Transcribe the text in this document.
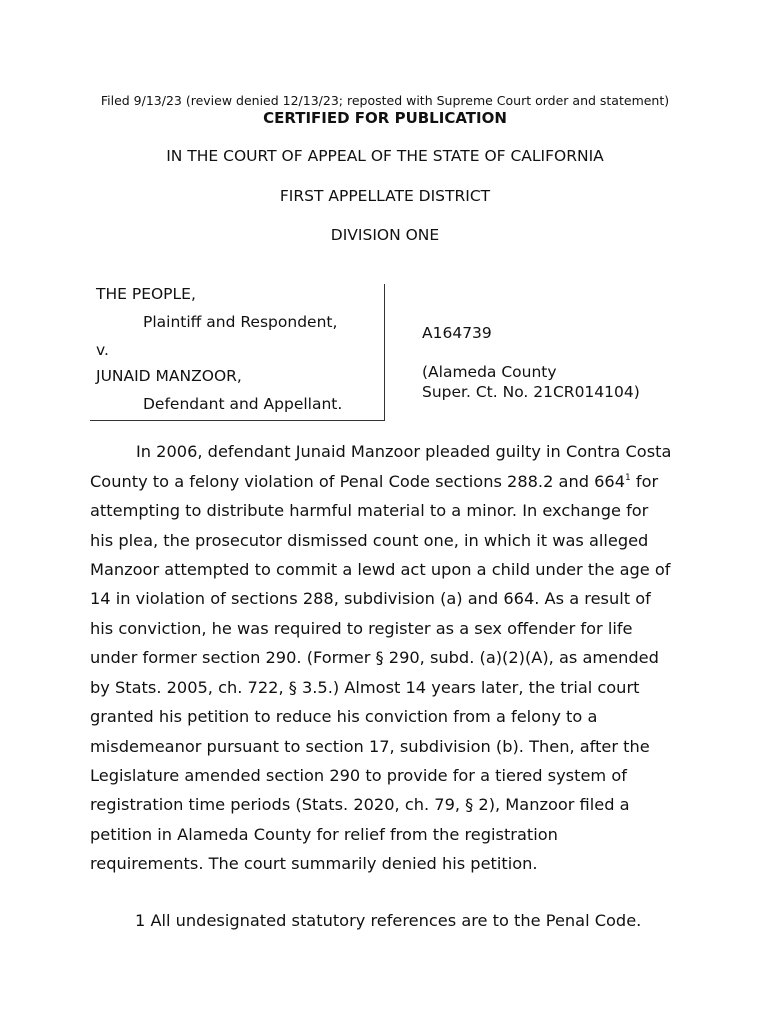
Filed 9/13/23 (review denied 12/13/23; reposted with Supreme Court order and statement)
CERTIFIED FOR PUBLICATION
IN THE COURT OF APPEAL OF THE STATE OF CALIFORNIA
FIRST APPELLATE DISTRICT
DIVISION ONE
THE PEOPLE,
Plaintiff and Respondent,
v.
JUNAID MANZOOR,
Defendant and Appellant.
A164739
(Alameda County
Super. Ct. No. 21CR014104)
In 2006, defendant Junaid Manzoor pleaded guilty in Contra Costa
County to a felony violation of Penal Code sections 288.2 and $664^1$ for
attempting to distribute harmful material to a minor. In exchange for
his plea, the prosecutor dismissed count one, in which it was alleged
Manzoor attempted to commit a lewd act upon a child under the age of
14 in violation of sections 288, subdivision (a) and 664. As a result of
his conviction, he was required to register as a sex offender for life
under former section 290. (Former § 290, subd. (a)(2)(A), as amended
by Stats. 2005, ch. 722, § 3.5.) Almost 14 years later, the trial court
granted his petition to reduce his conviction from a felony to a
misdemeanor pursuant to section 17, subdivision (b). Then, after the
Legislature amended section 290 to provide for a tiered system of
registration time periods (Stats. 2020, ch. 79, § 2), Manzoor filed a
petition in Alameda County for relief from the registration
requirements. The court summarily denied his petition.
1 All undesignated statutory references are to the Penal Code.
